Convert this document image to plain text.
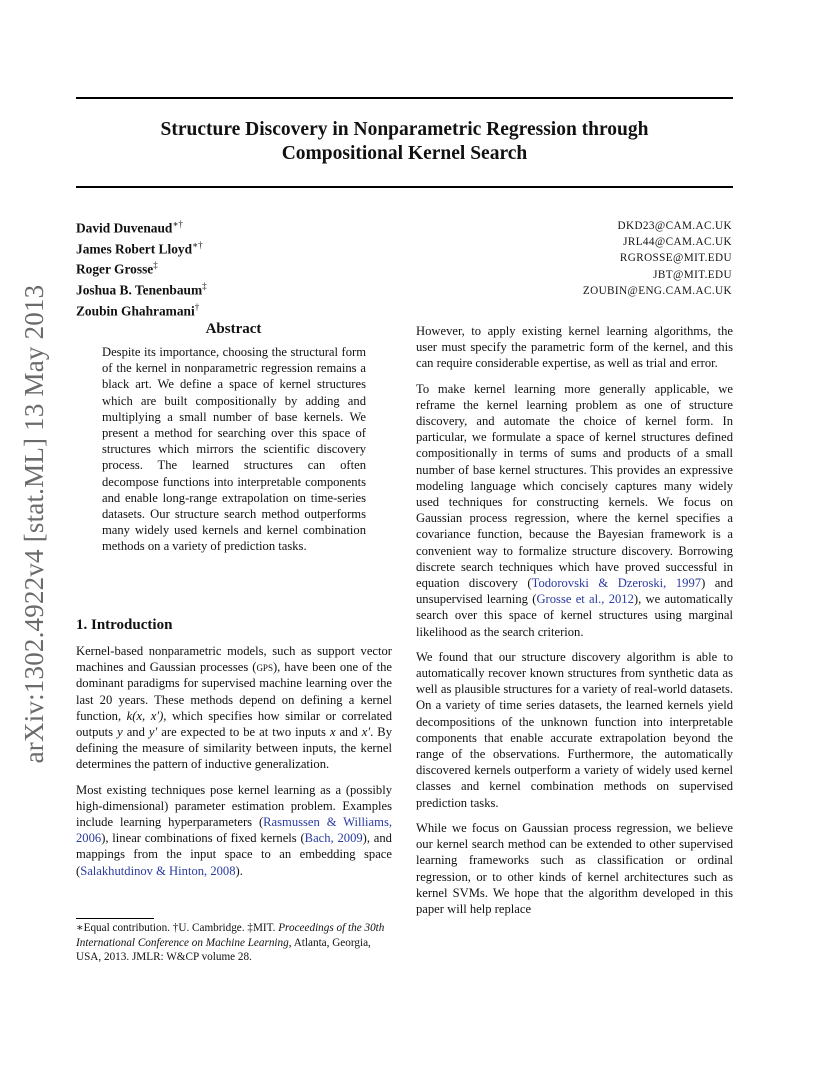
Structure Discovery in Nonparametric Regression through
Compositional Kernel Search
arXiv:1302.4922v4 [stat.ML] 13 May 2013
David Duvenaud∗†
James Robert Lloyd∗†
Roger Grosse‡
Joshua B. Tenenbaum‡
Zoubin Ghahramani†
DKD23@CAM.AC.UK
JRL44@CAM.AC.UK
RGROSSE@MIT.EDU
JBT@MIT.EDU
ZOUBIN@ENG.CAM.AC.UK
Abstract

Despite its importance, choosing the structural form of the kernel in nonparametric regression remains a black art. We define a space of kernel structures which are built compositionally by adding and multiplying a small number of base kernels. We present a method for searching over this space of structures which mirrors the scientific discovery process. The learned structures can often decompose functions into interpretable components and enable long-range extrapolation on time-series datasets. Our structure search method outperforms many widely used kernels and kernel combination methods on a variety of prediction tasks.

1. Introduction

Kernel-based nonparametric models, such as support vector machines and Gaussian processes (gps), have been one of the dominant paradigms for supervised machine learning over the last 20 years. These methods depend on defining a kernel function, k(x, x′), which specifies how similar or correlated outputs y and y′ are expected to be at two inputs x and x′. By defining the measure of similarity between inputs, the kernel determines the pattern of inductive generalization.

Most existing techniques pose kernel learning as a (possibly high-dimensional) parameter estimation problem. Examples include learning hyperparameters (Rasmussen & Williams, 2006), linear combinations of fixed kernels (Bach, 2009), and mappings from the input space to an embedding space (Salakhutdinov & Hinton, 2008).

∗Equal contribution. †U. Cambridge. ‡MIT. Proceedings of the 30th International Conference on Machine Learning, Atlanta, Georgia, USA, 2013. JMLR: W&CP volume 28.

However, to apply existing kernel learning algorithms, the user must specify the parametric form of the kernel, and this can require considerable expertise, as well as trial and error.

To make kernel learning more generally applicable, we reframe the kernel learning problem as one of structure discovery, and automate the choice of kernel form. In particular, we formulate a space of kernel structures defined compositionally in terms of sums and products of a small number of base kernel structures. This provides an expressive modeling language which concisely captures many widely used techniques for constructing kernels. We focus on Gaussian process regression, where the kernel specifies a covariance function, because the Bayesian framework is a convenient way to formalize structure discovery. Borrowing discrete search techniques which have proved successful in equation discovery (Todorovski & Dzeroski, 1997) and unsupervised learning (Grosse et al., 2012), we automatically search over this space of kernel structures using marginal likelihood as the search criterion.

We found that our structure discovery algorithm is able to automatically recover known structures from synthetic data as well as plausible structures for a variety of real-world datasets. On a variety of time series datasets, the learned kernels yield decompositions of the unknown function into interpretable components that enable accurate extrapolation beyond the range of the observations. Furthermore, the automatically discovered kernels outperform a variety of widely used kernel classes and kernel combination methods on supervised prediction tasks.

While we focus on Gaussian process regression, we believe our kernel search method can be extended to other supervised learning frameworks such as classification or ordinal regression, or to other kinds of kernel architectures such as kernel SVMs. We hope that the algorithm developed in this paper will help replace
